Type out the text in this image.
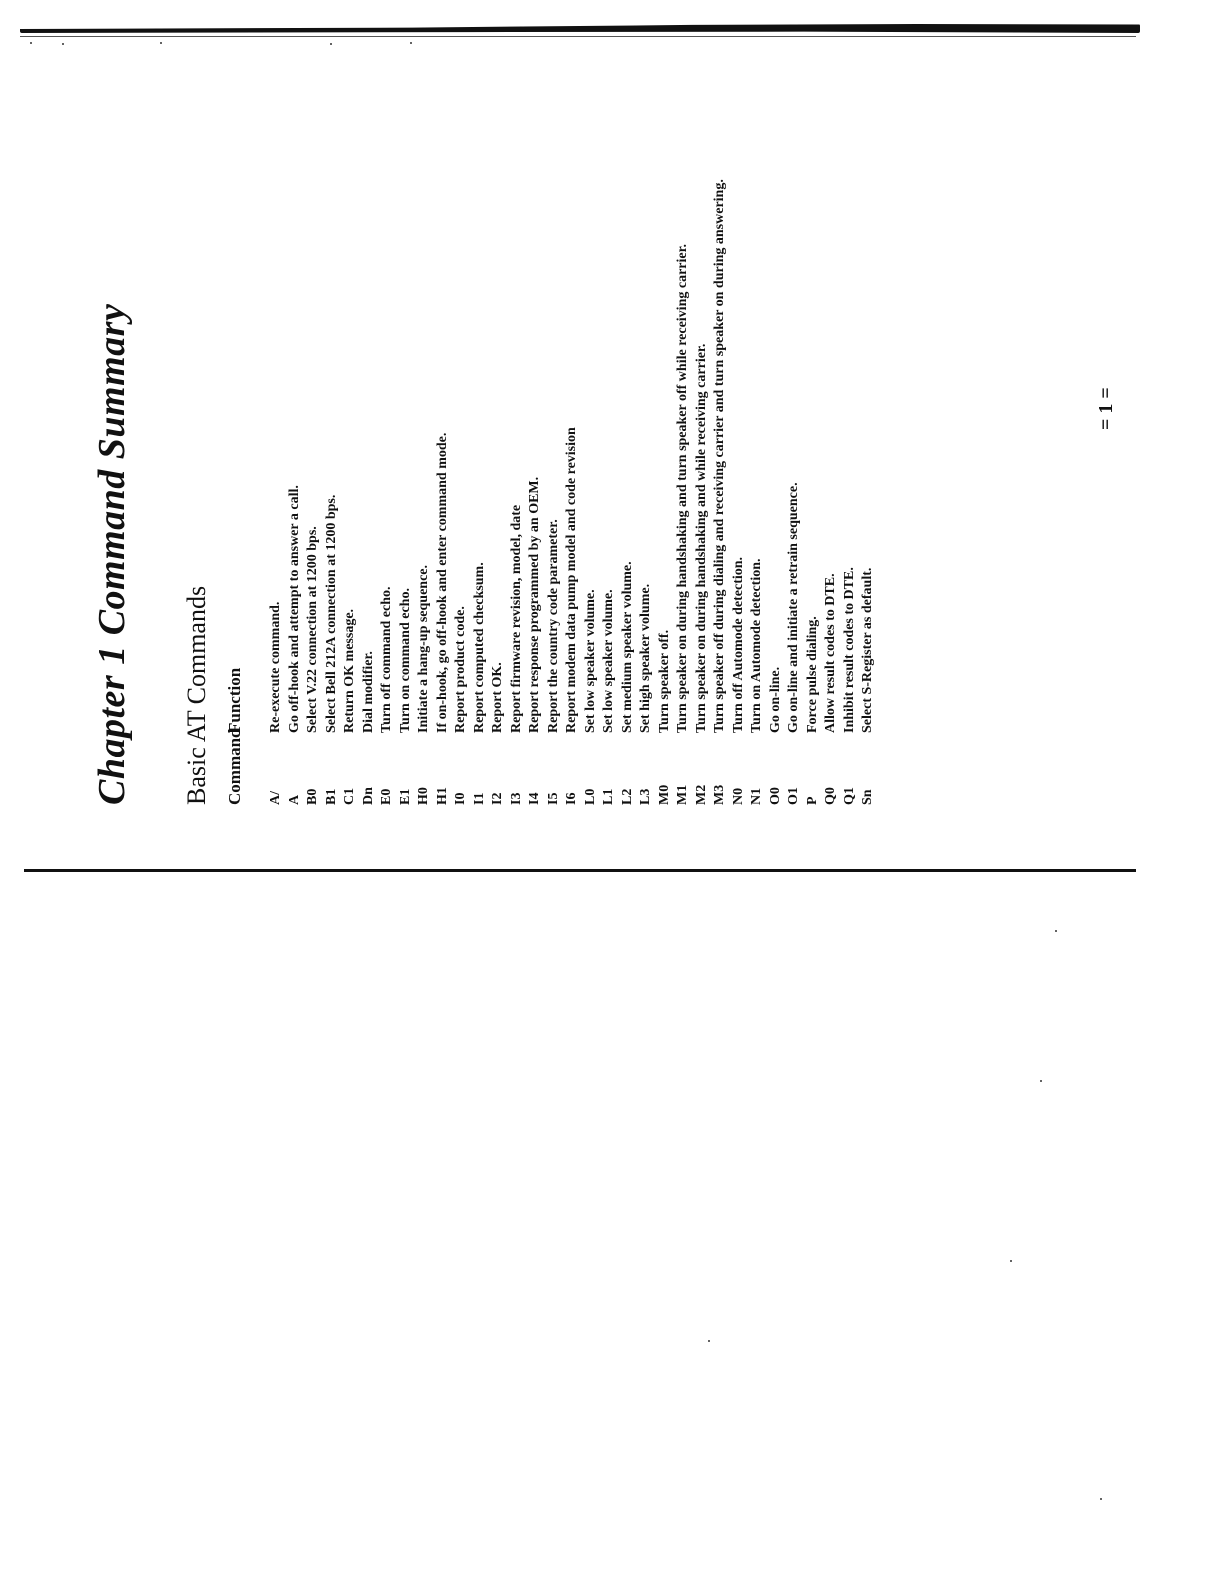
Chapter 1 Command Summary Basic AT Commands Command
Function
A/
Re-execute command.
A
Go off-hook and attempt to answer a call.
B0
Select V.22 connection at 1200 bps.
B1
Select Bell 212A connection at 1200 bps.
C1
Return OK message.
Dn
Dial modifier.
E0
Turn off command echo.
E1
Turn on command echo.
H0
Initiate a hang-up sequence.
H1
If on-hook, go off-hook and enter command mode.
I0
Report product code.
I1
Report computed checksum.
I2
Report OK.
I3
Report firmware revision, model, date
I4
Report response programmed by an OEM.
I5
Report the country code parameter.
I6
Report modem data pump model and code revision
L0
Set low speaker volume.
L1
Set low speaker volume.
L2
Set medium speaker volume.
L3
Set high speaker volume.
M0
Turn speaker off.
M1
Turn speaker on during handshaking and turn speaker off while receiving carrier.
M2
Turn speaker on during handshaking and while receiving carrier.
M3
Turn speaker off during dialing and receiving carrier and turn speaker on during answering.
N0
Turn off Automode detection.
N1
Turn on Automode detection.
O0
Go on-line.
O1
Go on-line and initiate a retrain sequence.
P
Force pulse dialing.
Q0
Allow result codes to DTE.
Q1
Inhibit result codes to DTE.
Sn
Select S-Register as default.
= 1 =
